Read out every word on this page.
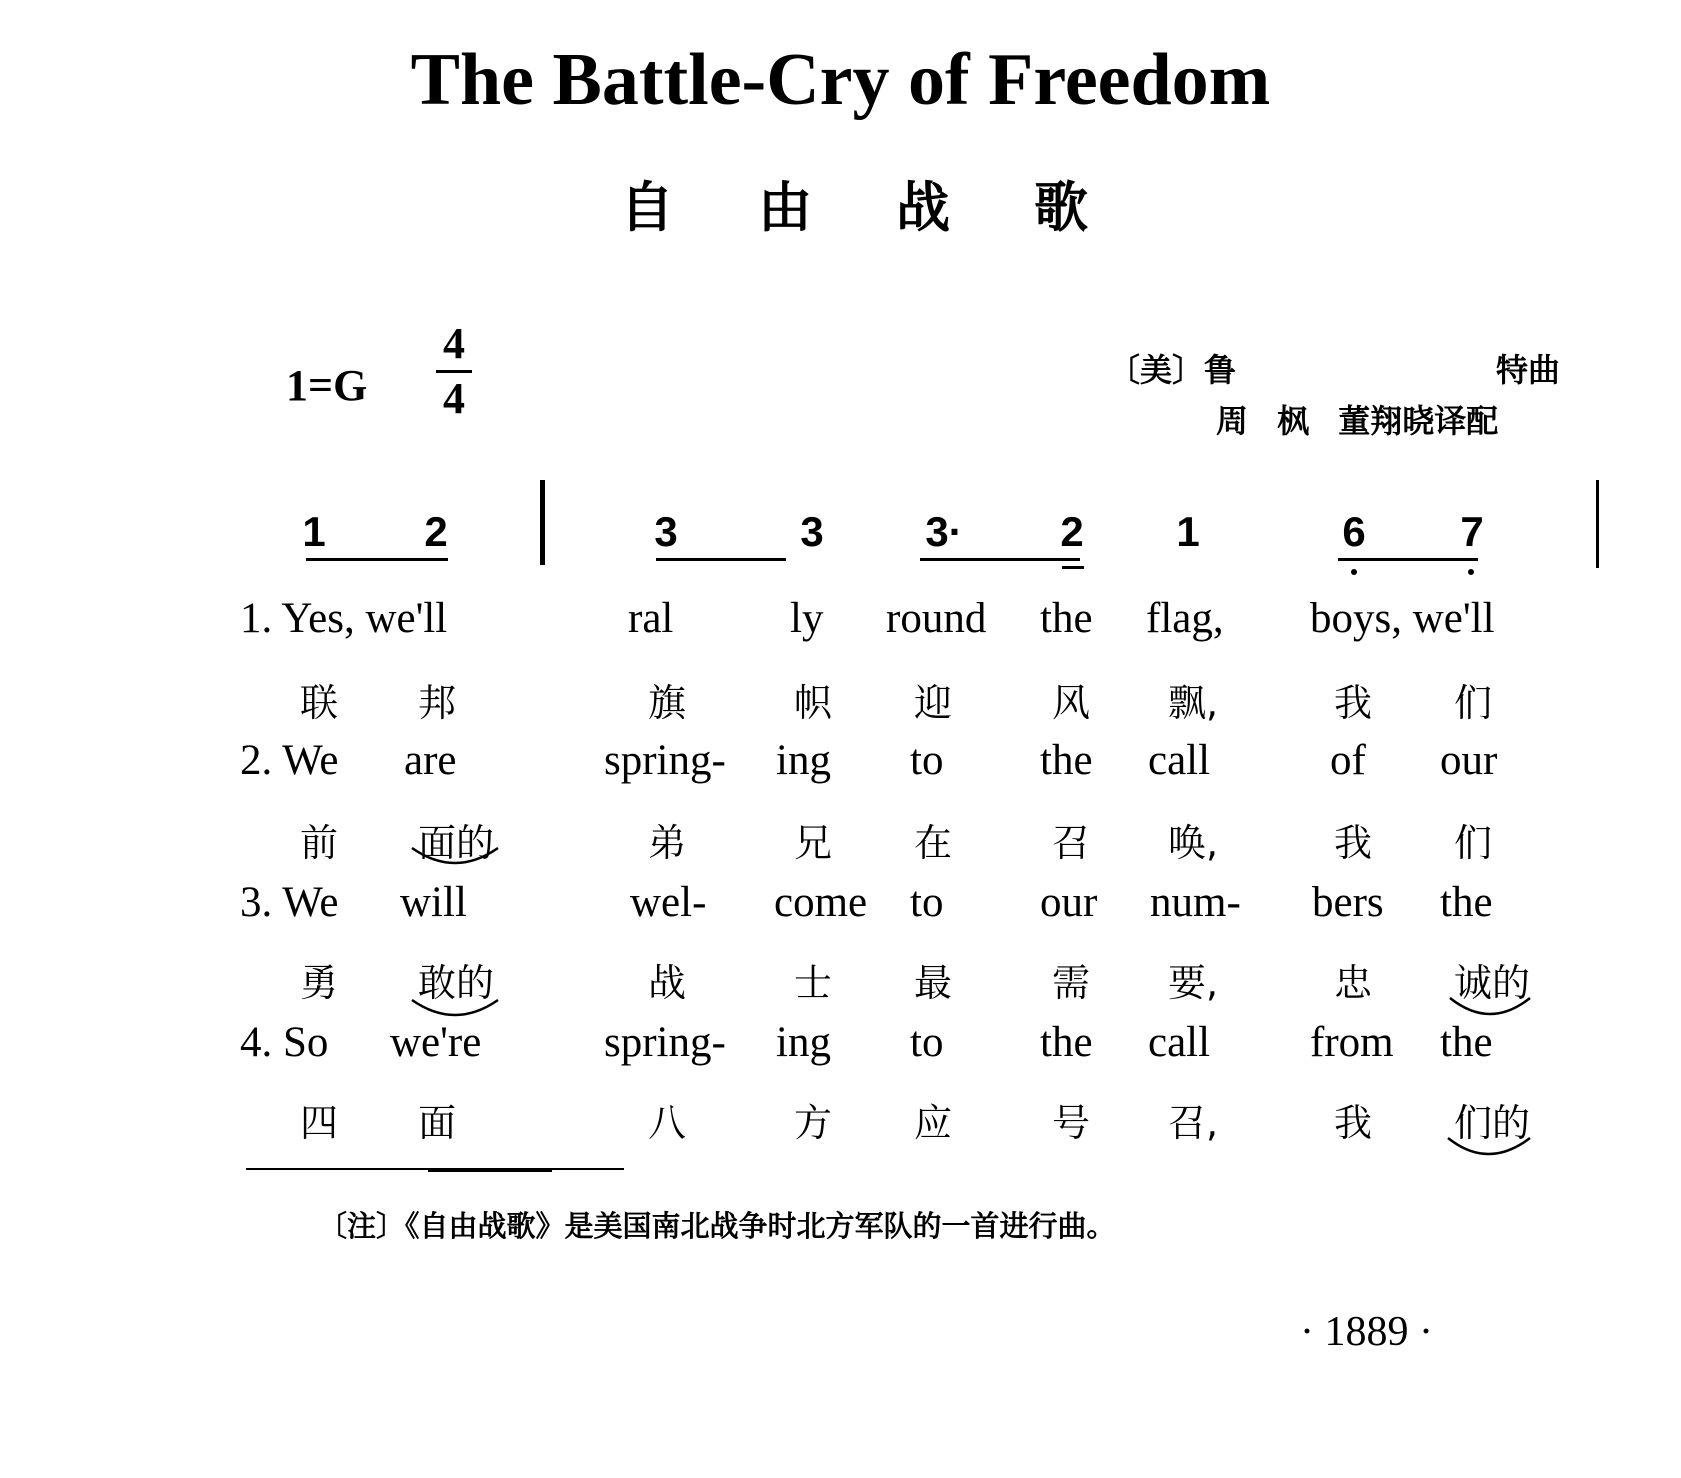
The Battle-Cry of Freedom
自 由 战 歌
1=G
4
4
〔美〕鲁	特曲
周 枫 董翔晓译配
1 2	3	3 3· 2 1	6 7
1. Yes, we'll	ral	ly round the flag, boys, we'll
联 邦	旗	帜 迎	风 飘,	我 们
2. We are	spring- ing to the call	of our
前 面的	弟	兄 在	召 唤,	我 们
3. We will	wel- come to our num- bers the
勇 敢的	战	士 最	需 要,	忠 诚的
4. So we're	spring- ing to the call from the
四 面	八	方 应	号 召,	我 们的
〔注〕《自由战歌》是美国南北战争时北方军队的一首进行曲。
· 1889 ·
